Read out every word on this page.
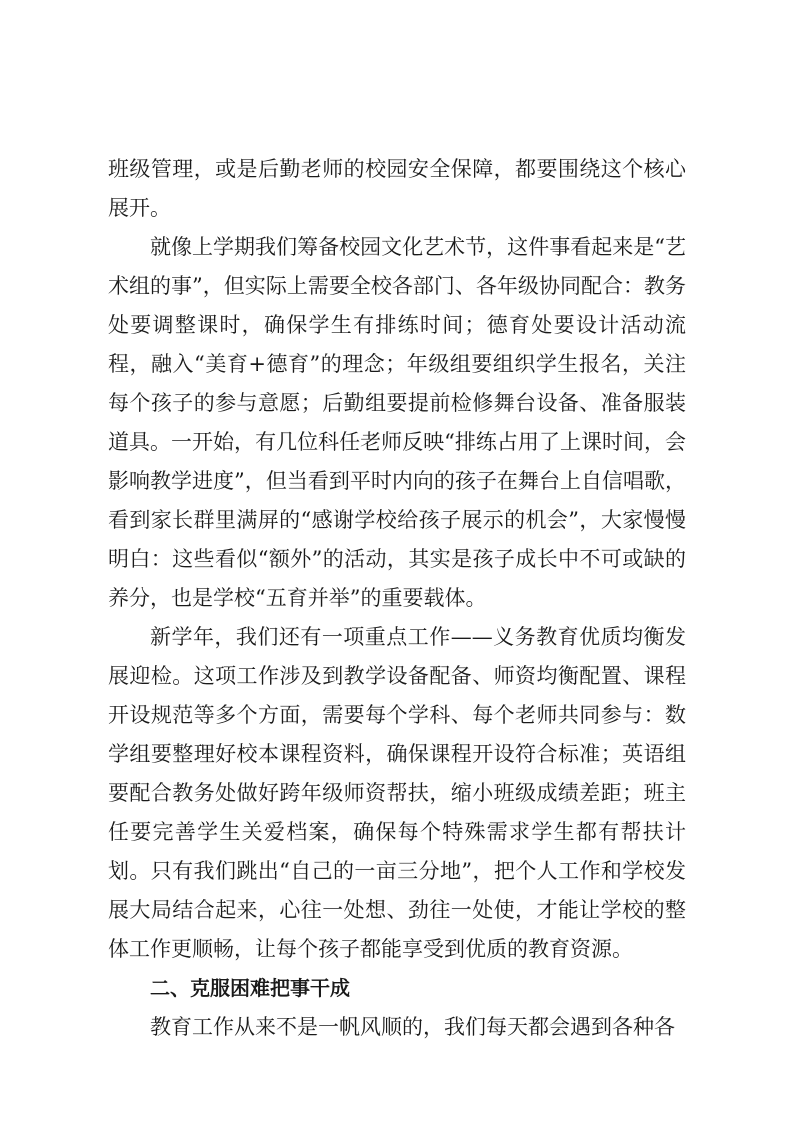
班级管理，或是后勤老师的校园安全保障，都要围绕这个核心展开。

就像上学期我们筹备校园文化艺术节，这件事看起来是“艺术组的事”，但实际上需要全校各部门、各年级协同配合：教务处要调整课时，确保学生有排练时间；德育处要设计活动流程，融入“美育+德育”的理念；年级组要组织学生报名，关注每个孩子的参与意愿；后勤组要提前检修舞台设备、准备服装道具。一开始，有几位科任老师反映“排练占用了上课时间，会影响教学进度”，但当看到平时内向的孩子在舞台上自信唱歌，看到家长群里满屏的“感谢学校给孩子展示的机会”，大家慢慢明白：这些看似“额外”的活动，其实是孩子成长中不可或缺的养分，也是学校“五育并举”的重要载体。

新学年，我们还有一项重点工作——义务教育优质均衡发展迎检。这项工作涉及到教学设备配备、师资均衡配置、课程开设规范等多个方面，需要每个学科、每个老师共同参与：数学组要整理好校本课程资料，确保课程开设符合标准；英语组要配合教务处做好跨年级师资帮扶，缩小班级成绩差距；班主任要完善学生关爱档案，确保每个特殊需求学生都有帮扶计划。只有我们跳出“自己的一亩三分地”，把个人工作和学校发展大局结合起来，心往一处想、劲往一处使，才能让学校的整体工作更顺畅，让每个孩子都能享受到优质的教育资源。

二、克服困难把事干成

教育工作从来不是一帆风顺的，我们每天都会遇到各种各
